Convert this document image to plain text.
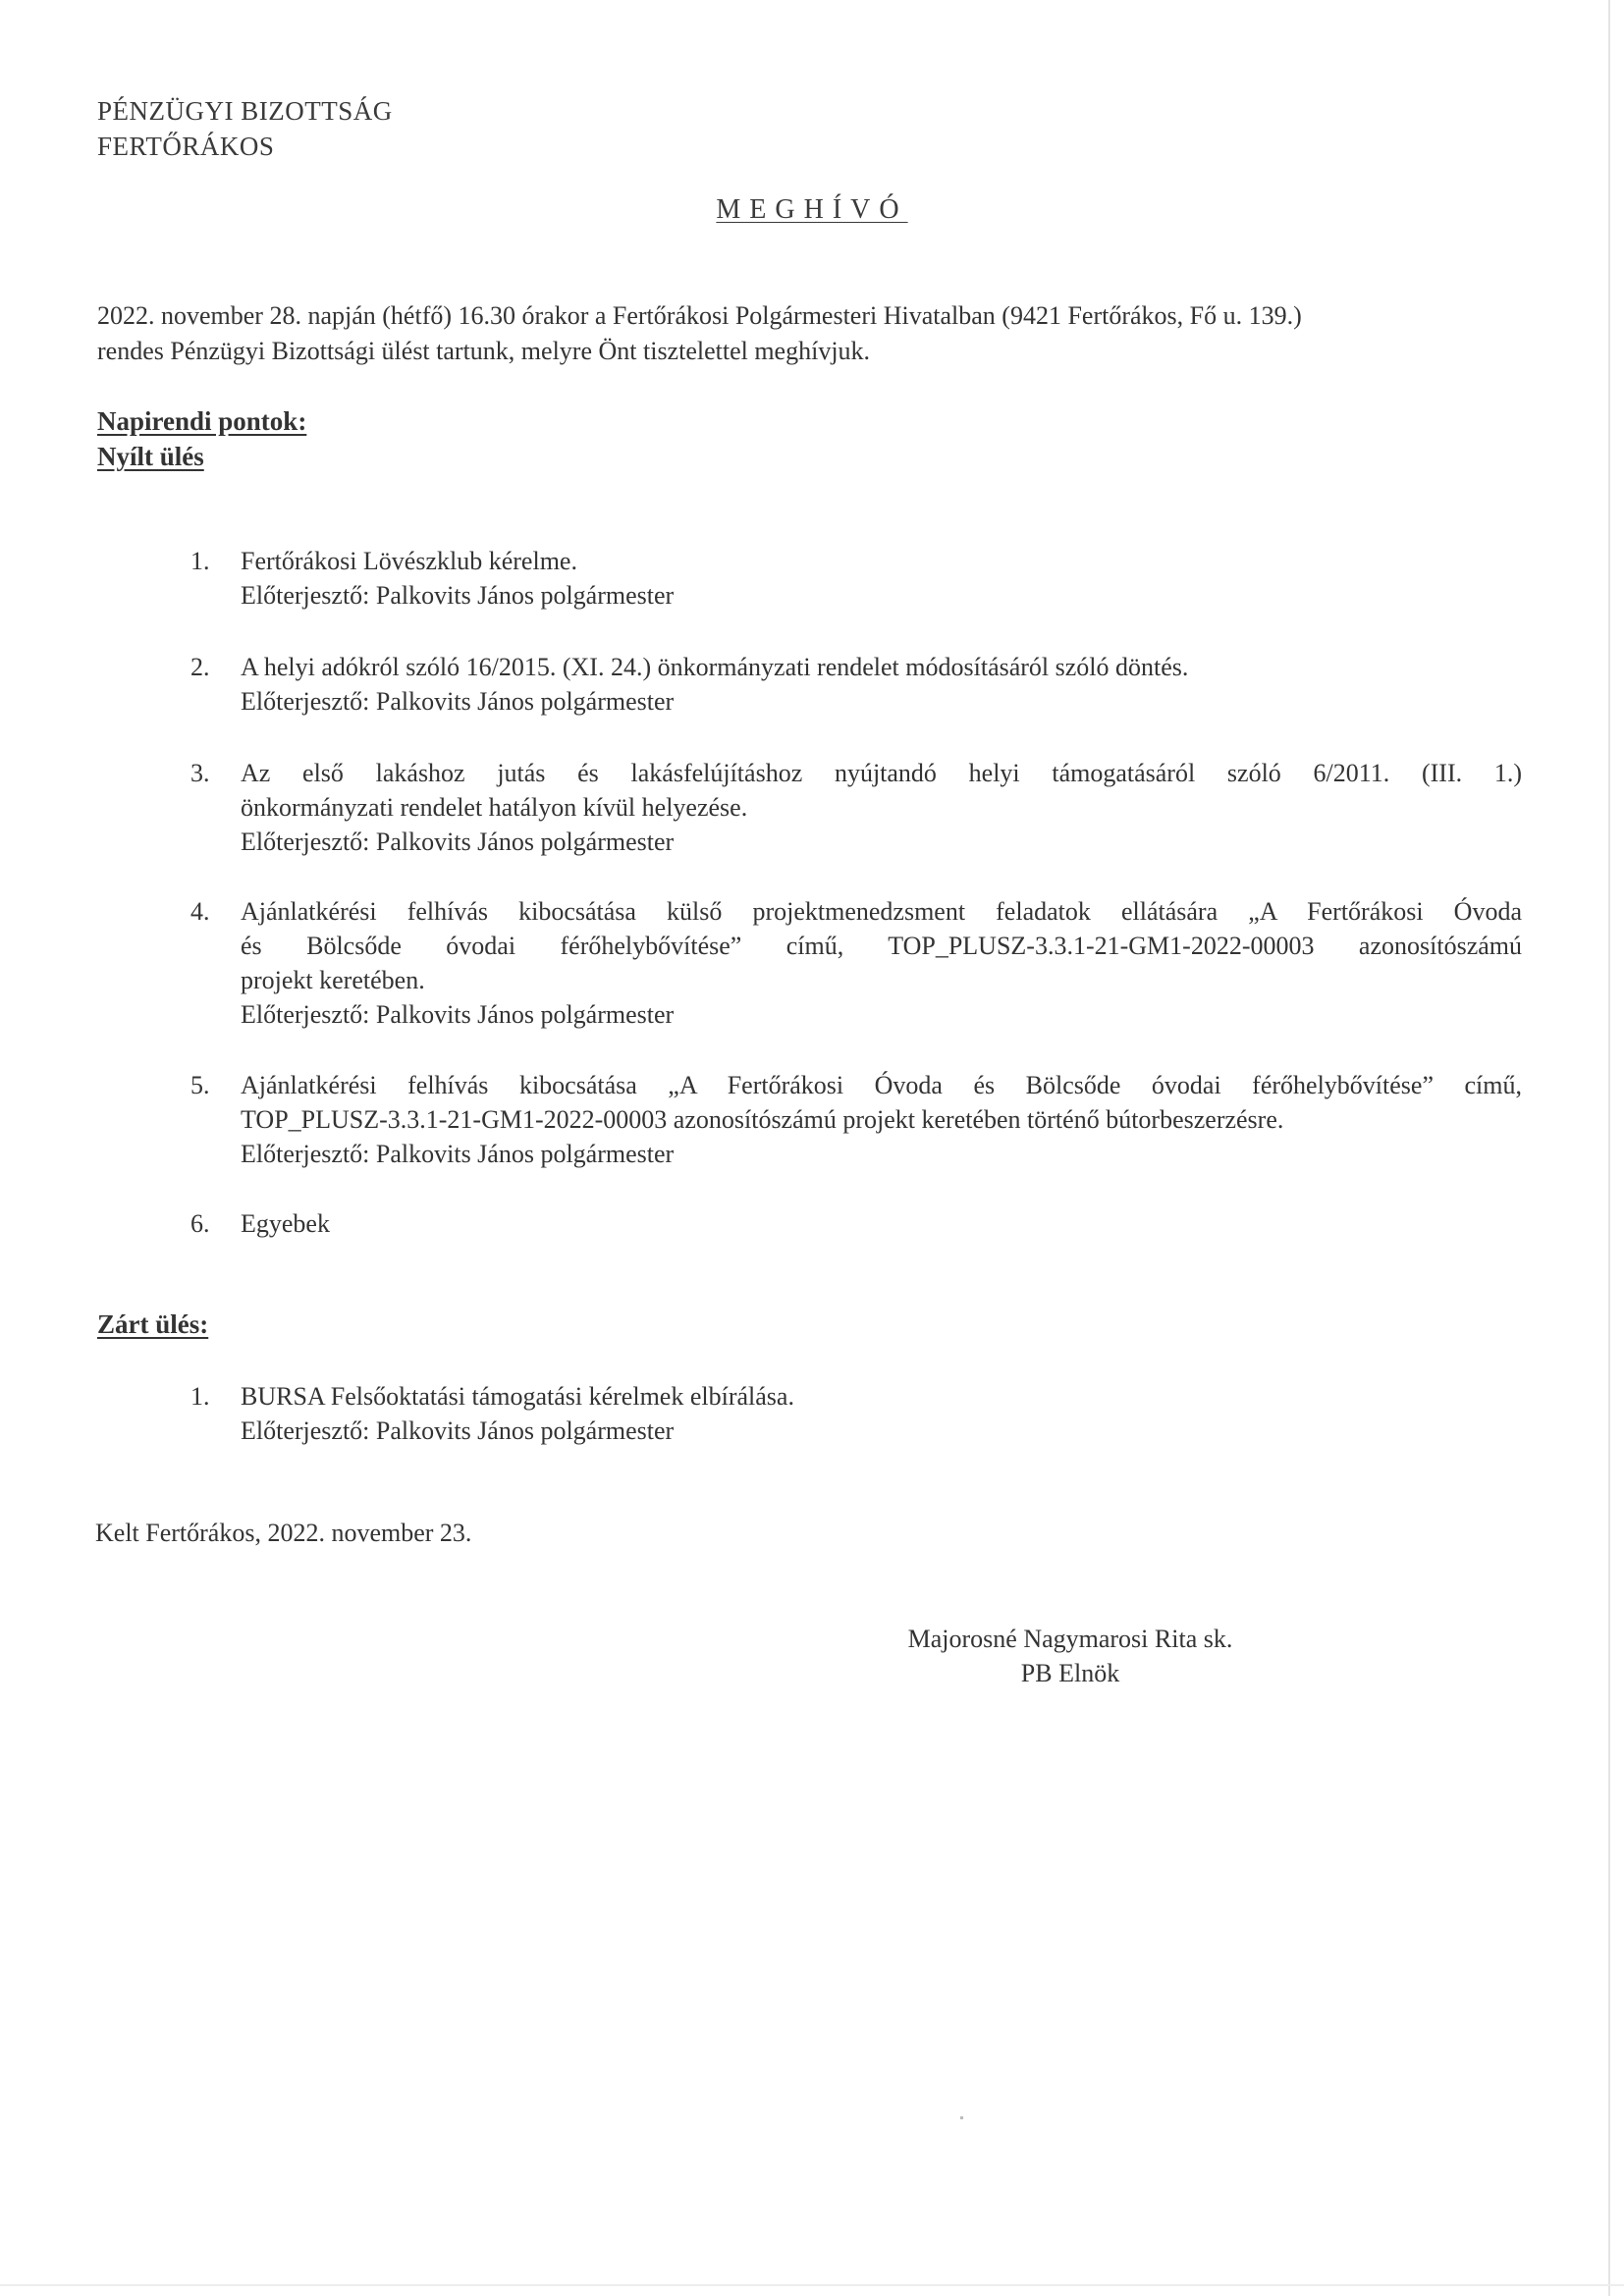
PÉNZÜGYI BIZOTTSÁG
FERTŐRÁKOS
MEGHÍVÓ
2022. november 28. napján (hétfő) 16.30 órakor a Fertőrákosi Polgármesteri Hivatalban (9421 Fertőrákos, Fő u. 139.)
rendes Pénzügyi Bizottsági ülést tartunk, melyre Önt tisztelettel meghívjuk.
Napirendi pontok:
Nyílt ülés
1.	Fertőrákosi Lövészklub kérelme.
Előterjesztő: Palkovits János polgármester
2.	A helyi adókról szóló 16/2015. (XI. 24.) önkormányzati rendelet módosításáról szóló döntés.
Előterjesztő: Palkovits János polgármester
3.	Az első lakáshoz jutás és lakásfelújításhoz nyújtandó helyi támogatásáról szóló 6/2011. (III. 1.)
önkormányzati rendelet hatályon kívül helyezése.
Előterjesztő: Palkovits János polgármester
4.	Ajánlatkérési felhívás kibocsátása külső projektmenedzsment feladatok ellátására „A Fertőrákosi Óvoda
és Bölcsőde óvodai férőhelybővítése” című, TOP_PLUSZ-3.3.1-21-GM1-2022-00003 azonosítószámú
projekt keretében.
Előterjesztő: Palkovits János polgármester
5.	Ajánlatkérési felhívás kibocsátása „A Fertőrákosi Óvoda és Bölcsőde óvodai férőhelybővítése” című,
TOP_PLUSZ-3.3.1-21-GM1-2022-00003 azonosítószámú projekt keretében történő bútorbeszerzésre.
Előterjesztő: Palkovits János polgármester
6.	Egyebek
Zárt ülés:
1.	BURSA Felsőoktatási támogatási kérelmek elbírálása.
Előterjesztő: Palkovits János polgármester
Kelt Fertőrákos, 2022. november 23.
Majorosné Nagymarosi Rita sk.
PB Elnök
